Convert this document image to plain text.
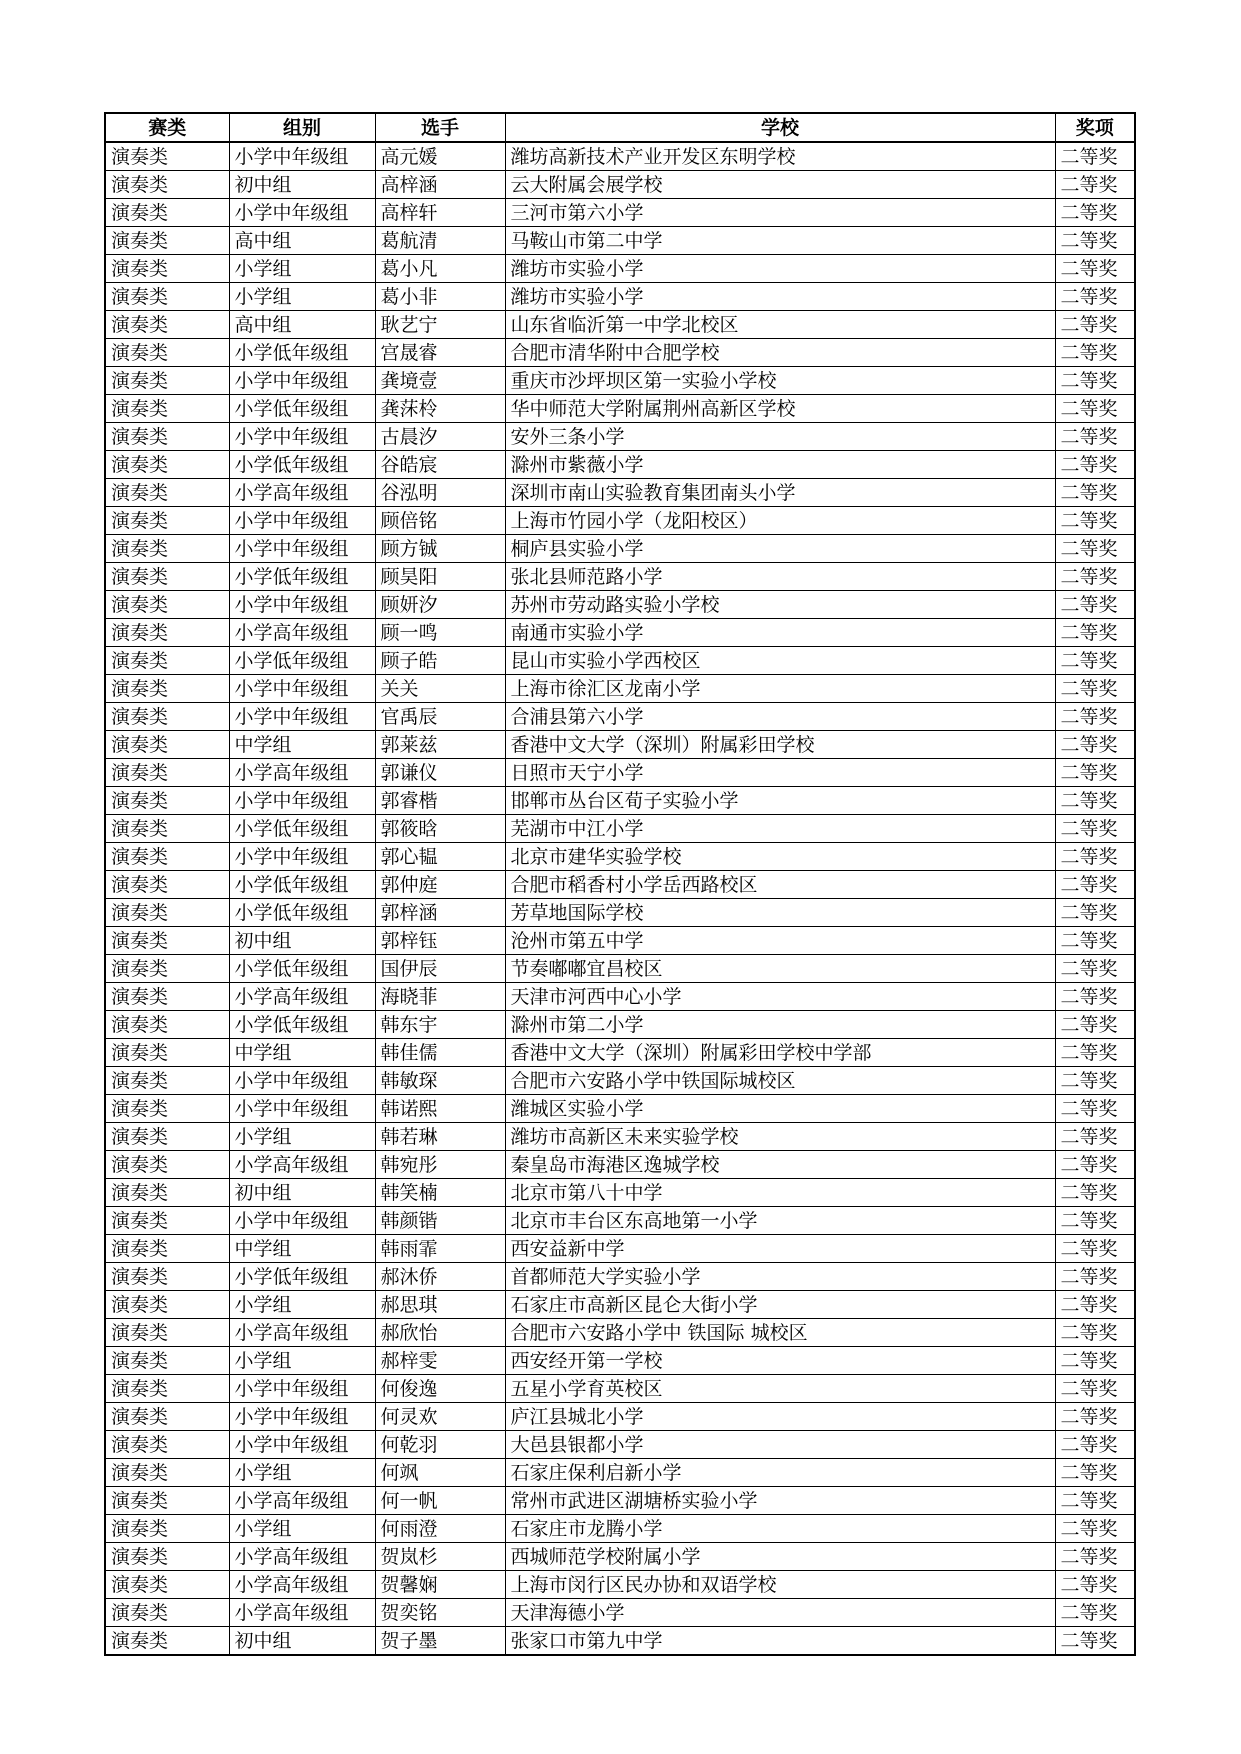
赛类	组别	选手	学校	奖项
演奏类	小学中年级组	高元媛	潍坊高新技术产业开发区东明学校	二等奖
演奏类	初中组	高梓涵	云大附属会展学校	二等奖
演奏类	小学中年级组	高梓轩	三河市第六小学	二等奖
演奏类	高中组	葛航清	马鞍山市第二中学	二等奖
演奏类	小学组	葛小凡	潍坊市实验小学	二等奖
演奏类	小学组	葛小非	潍坊市实验小学	二等奖
演奏类	高中组	耿艺宁	山东省临沂第一中学北校区	二等奖
演奏类	小学低年级组	宫晟睿	合肥市清华附中合肥学校	二等奖
演奏类	小学中年级组	龚境壹	重庆市沙坪坝区第一实验小学校	二等奖
演奏类	小学低年级组	龚莯柃	华中师范大学附属荆州高新区学校	二等奖
演奏类	小学中年级组	古晨汐	安外三条小学	二等奖
演奏类	小学低年级组	谷皓宸	滁州市紫薇小学	二等奖
演奏类	小学高年级组	谷泓明	深圳市南山实验教育集团南头小学	二等奖
演奏类	小学中年级组	顾倍铭	上海市竹园小学（龙阳校区）	二等奖
演奏类	小学中年级组	顾方铖	桐庐县实验小学	二等奖
演奏类	小学低年级组	顾昊阳	张北县师范路小学	二等奖
演奏类	小学中年级组	顾妍汐	苏州市劳动路实验小学校	二等奖
演奏类	小学高年级组	顾一鸣	南通市实验小学	二等奖
演奏类	小学低年级组	顾子皓	昆山市实验小学西校区	二等奖
演奏类	小学中年级组	关关	上海市徐汇区龙南小学	二等奖
演奏类	小学中年级组	官禹辰	合浦县第六小学	二等奖
演奏类	中学组	郭莱兹	香港中文大学（深圳）附属彩田学校	二等奖
演奏类	小学高年级组	郭谦仪	日照市天宁小学	二等奖
演奏类	小学中年级组	郭睿楷	邯郸市丛台区荀子实验小学	二等奖
演奏类	小学低年级组	郭筱晗	芜湖市中江小学	二等奖
演奏类	小学中年级组	郭心韫	北京市建华实验学校	二等奖
演奏类	小学低年级组	郭仲庭	合肥市稻香村小学岳西路校区	二等奖
演奏类	小学低年级组	郭梓涵	芳草地国际学校	二等奖
演奏类	初中组	郭梓钰	沧州市第五中学	二等奖
演奏类	小学低年级组	国伊辰	节奏嘟嘟宜昌校区	二等奖
演奏类	小学高年级组	海晓菲	天津市河西中心小学	二等奖
演奏类	小学低年级组	韩东宇	滁州市第二小学	二等奖
演奏类	中学组	韩佳儒	香港中文大学（深圳）附属彩田学校中学部	二等奖
演奏类	小学中年级组	韩敏琛	合肥市六安路小学中铁国际城校区	二等奖
演奏类	小学中年级组	韩诺熙	潍城区实验小学	二等奖
演奏类	小学组	韩若琳	潍坊市高新区未来实验学校	二等奖
演奏类	小学高年级组	韩宛彤	秦皇岛市海港区逸城学校	二等奖
演奏类	初中组	韩笑楠	北京市第八十中学	二等奖
演奏类	小学中年级组	韩颜锴	北京市丰台区东高地第一小学	二等奖
演奏类	中学组	韩雨霏	西安益新中学	二等奖
演奏类	小学低年级组	郝沐侨	首都师范大学实验小学	二等奖
演奏类	小学组	郝思琪	石家庄市高新区昆仑大街小学	二等奖
演奏类	小学高年级组	郝欣怡	合肥市六安路小学中 铁国际 城校区	二等奖
演奏类	小学组	郝梓雯	西安经开第一学校	二等奖
演奏类	小学中年级组	何俊逸	五星小学育英校区	二等奖
演奏类	小学中年级组	何灵欢	庐江县城北小学	二等奖
演奏类	小学中年级组	何乾羽	大邑县银都小学	二等奖
演奏类	小学组	何飒	石家庄保利启新小学	二等奖
演奏类	小学高年级组	何一帆	常州市武进区湖塘桥实验小学	二等奖
演奏类	小学组	何雨澄	石家庄市龙腾小学	二等奖
演奏类	小学高年级组	贺岚杉	西城师范学校附属小学	二等奖
演奏类	小学高年级组	贺馨娴	上海市闵行区民办协和双语学校	二等奖
演奏类	小学高年级组	贺奕铭	天津海德小学	二等奖
演奏类	初中组	贺子墨	张家口市第九中学	二等奖
